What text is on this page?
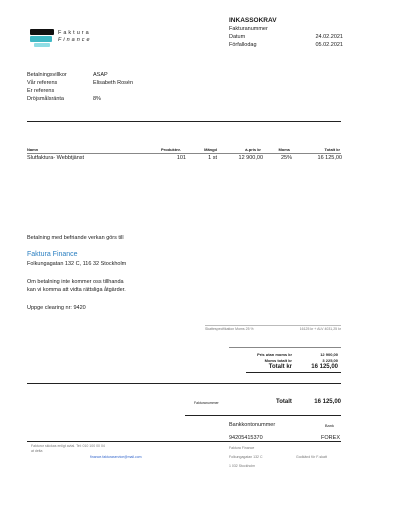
Faktura
Finance
INKASSOKRAV
Fakturanummer
Datum	24.02.2021
Förfallodag	05.02.2021
Betalningsvillkor	ASAP
Vår referens	Elisabeth Rosén
Er referens
Dröjsmålsränta	8%
Namn	Produktnr.	Mängd	á-pris kr	Moms	Totalt kr
Slutfaktura- Webbtjänst	101	1 st	12 900,00	25%	16 125,00
Betalning med befriande verkan görs till
Faktura Finance
Folkungagatan 132 C, 116 32 Stockholm
Om betalning inte kommer oss tillhanda
kan vi komma att vidta rättsliga åtgärder.
Uppge clearing nr: 9420
Skattespecifikation Moms 25 %	16125 kr + ALV 4031,25 kr
Pris utan moms kr	12 900,00
Moms totalt kr	3 225,00
Totalt kr	16 125,00
Fakturanummer	Totalt	16 125,00
Bankkontonummer	Bank
94205415370	FOREX
Fakturor skickas enligt avtal. Tel: 010 100 00 04
at delta
finance.fakturaservice@mail.com
Faktura Finance
Folkungagatan 132 C	Godkänd för F-skatt
1 032 Stockholm
